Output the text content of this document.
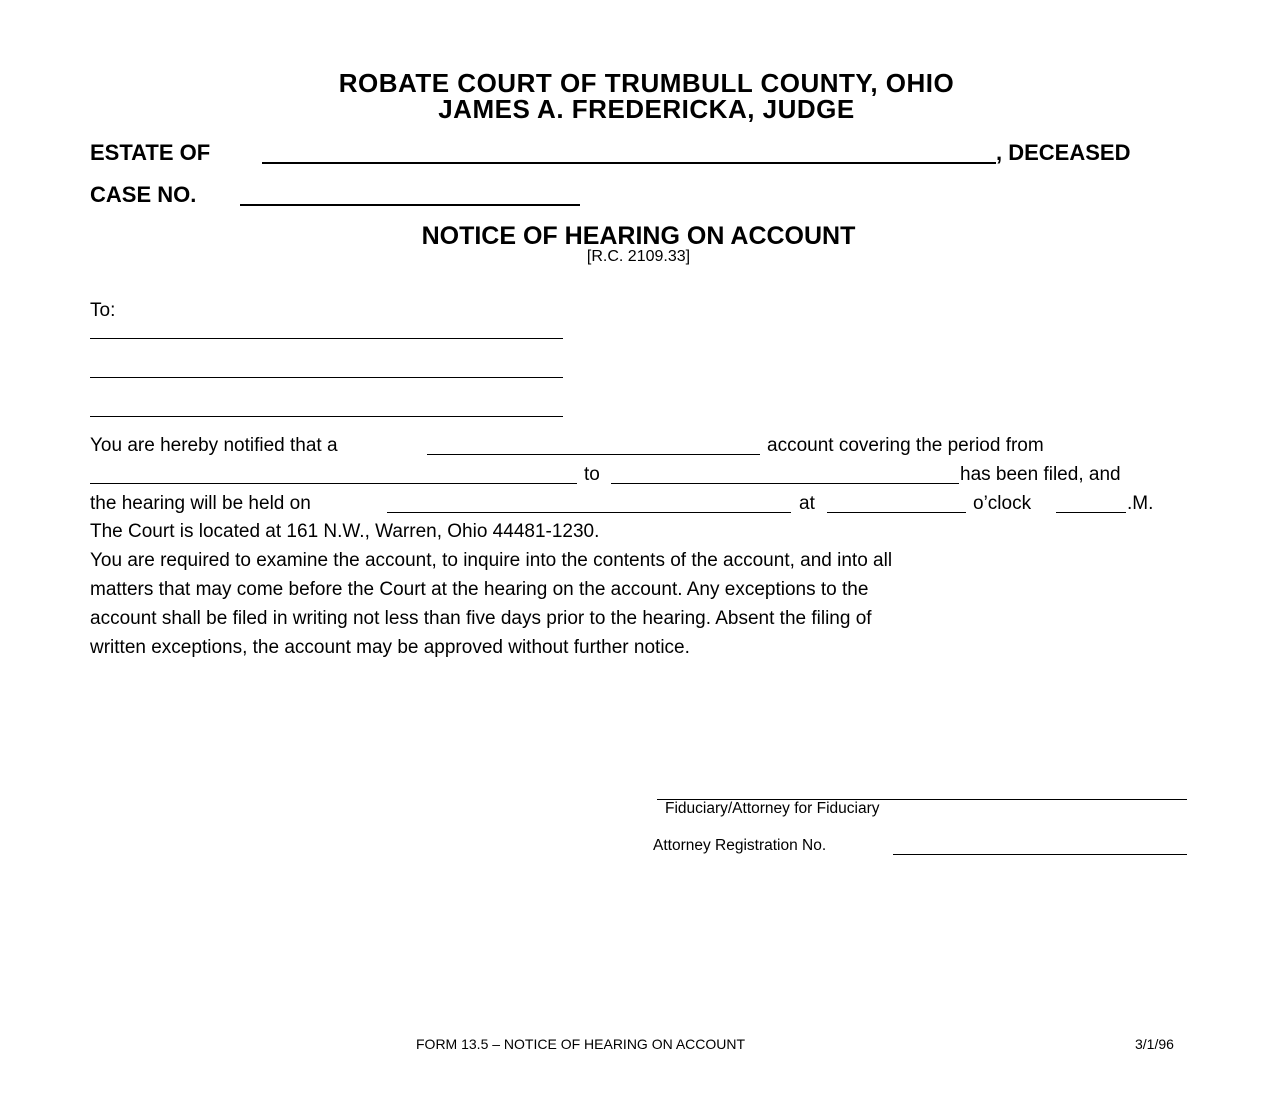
ROBATE COURT OF TRUMBULL COUNTY, OHIO
JAMES A. FREDERICKA, JUDGE
ESTATE OF	, DECEASED
CASE NO.
NOTICE OF HEARING ON ACCOUNT
[R.C. 2109.33]
To:
You are hereby notified that a	account covering the period from
to	has been filed, and
the hearing will be held on	at	o’clock	.M.
The Court is located at 161 N.W., Warren, Ohio 44481-1230.
You are required to examine the account, to inquire into the contents of the account, and into all
matters that may come before the Court at the hearing on the account. Any exceptions to the
account shall be filed in writing not less than five days prior to the hearing. Absent the filing of
written exceptions, the account may be approved without further notice.
Fiduciary/Attorney for Fiduciary
Attorney Registration No.
FORM 13.5 – NOTICE OF HEARING ON ACCOUNT	3/1/96
